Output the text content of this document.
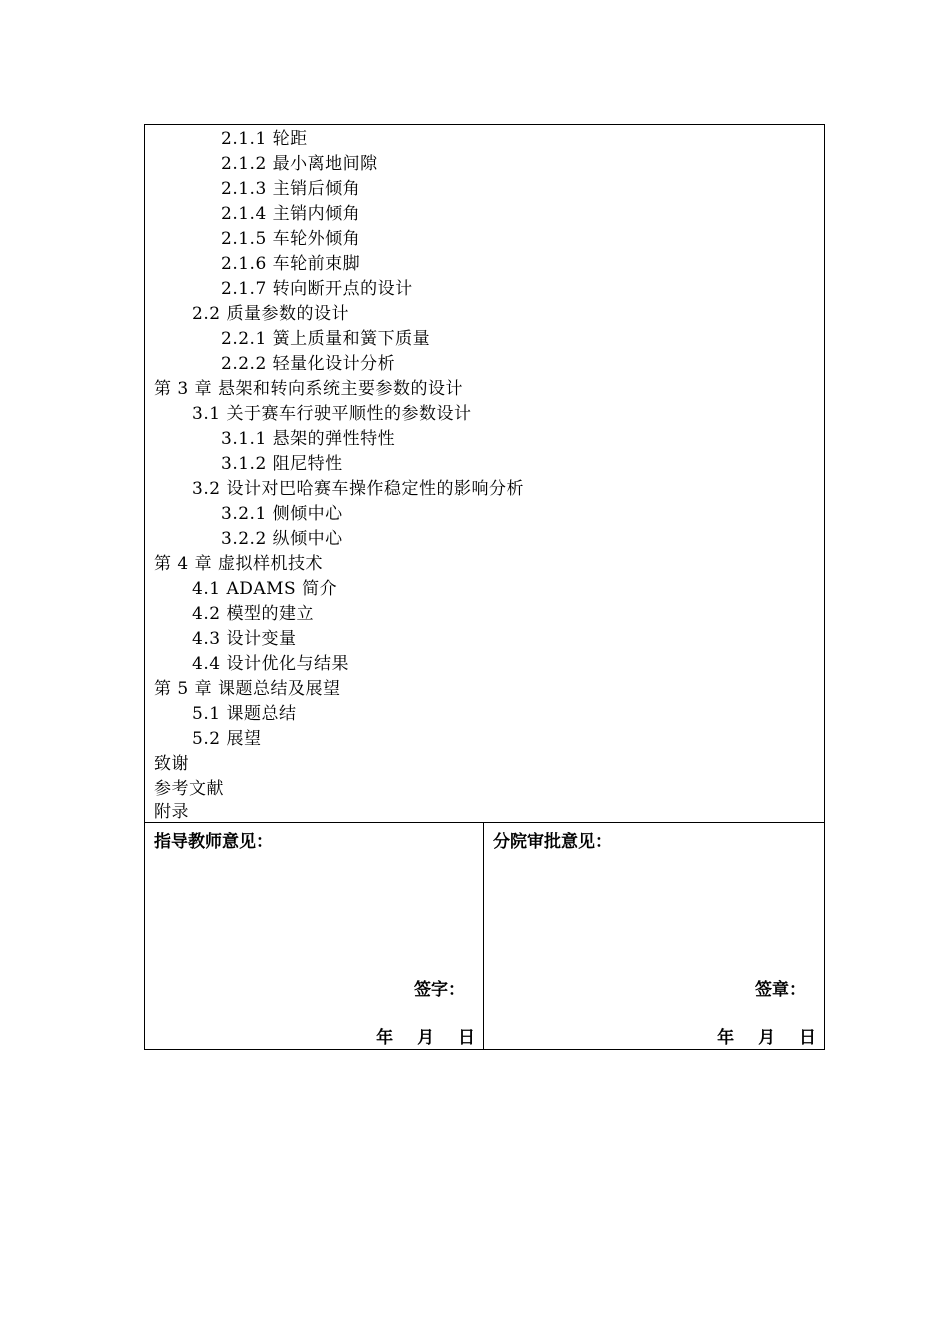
2.1.1 轮距
2.1.2 最小离地间隙
2.1.3 主销后倾角
2.1.4 主销内倾角
2.1.5 车轮外倾角
2.1.6 车轮前束脚
2.1.7 转向断开点的设计
2.2 质量参数的设计
2.2.1 簧上质量和簧下质量
2.2.2 轻量化设计分析
第 3 章 悬架和转向系统主要参数的设计
3.1 关于赛车行驶平顺性的参数设计
3.1.1 悬架的弹性特性
3.1.2 阻尼特性
3.2 设计对巴哈赛车操作稳定性的影响分析
3.2.1 侧倾中心
3.2.2 纵倾中心
第 4 章 虚拟样机技术
4.1 ADAMS 简介
4.2 模型的建立
4.3 设计变量
4.4 设计优化与结果
第 5 章 课题总结及展望
5.1 课题总结
5.2 展望
致谢
参考文献
附录
指导教师意见：
签字：
年 月 日
分院审批意见：
签章：
年 月 日
